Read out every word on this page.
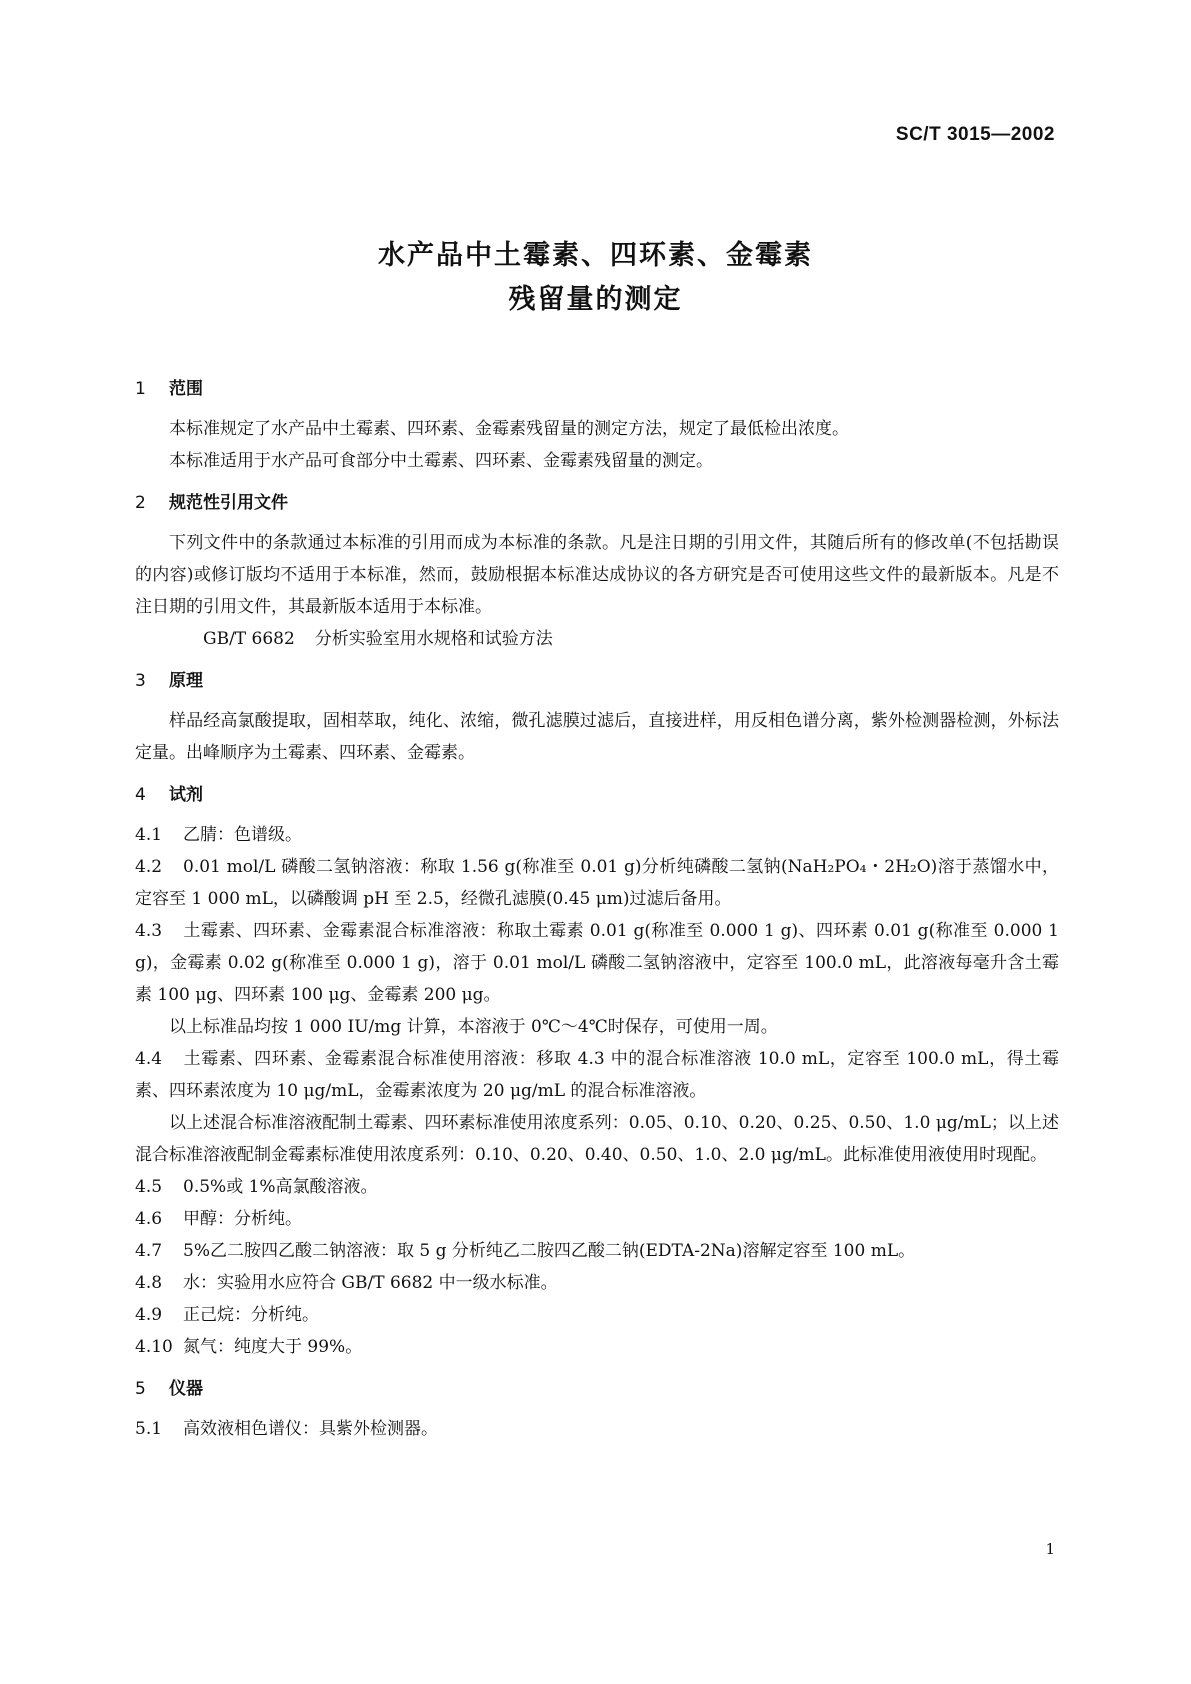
SC/T 3015—2002
水产品中土霉素、四环素、金霉素
残留量的测定
1 范围

本标准规定了水产品中土霉素、四环素、金霉素残留量的测定方法，规定了最低检出浓度。

本标准适用于水产品可食部分中土霉素、四环素、金霉素残留量的测定。

2 规范性引用文件

下列文件中的条款通过本标准的引用而成为本标准的条款。凡是注日期的引用文件，其随后所有的修改单(不包括勘误的内容)或修订版均不适用于本标准，然而，鼓励根据本标准达成协议的各方研究是否可使用这些文件的最新版本。凡是不注日期的引用文件，其最新版本适用于本标准。

GB/T 6682 分析实验室用水规格和试验方法

3 原理

样品经高氯酸提取，固相萃取，纯化、浓缩，微孔滤膜过滤后，直接进样，用反相色谱分离，紫外检测器检测，外标法定量。出峰顺序为土霉素、四环素、金霉素。

4 试剂

4.1 乙腈：色谱级。

4.2 0.01 mol/L 磷酸二氢钠溶液：称取 1.56 g(称准至 0.01 g)分析纯磷酸二氢钠(NaH₂PO₄・2H₂O)溶于蒸馏水中，定容至 1 000 mL，以磷酸调 pH 至 2.5，经微孔滤膜(0.45 μm)过滤后备用。

4.3 土霉素、四环素、金霉素混合标准溶液：称取土霉素 0.01 g(称准至 0.000 1 g)、四环素 0.01 g(称准至 0.000 1 g)，金霉素 0.02 g(称准至 0.000 1 g)，溶于 0.01 mol/L 磷酸二氢钠溶液中，定容至 100.0 mL，此溶液每毫升含土霉素 100 μg、四环素 100 μg、金霉素 200 μg。

以上标准品均按 1 000 IU/mg 计算，本溶液于 0℃～4℃时保存，可使用一周。

4.4 土霉素、四环素、金霉素混合标准使用溶液：移取 4.3 中的混合标准溶液 10.0 mL，定容至 100.0 mL，得土霉素、四环素浓度为 10 μg/mL，金霉素浓度为 20 μg/mL 的混合标准溶液。

以上述混合标准溶液配制土霉素、四环素标准使用浓度系列：0.05、0.10、0.20、0.25、0.50、1.0 μg/mL；以上述混合标准溶液配制金霉素标准使用浓度系列：0.10、0.20、0.40、0.50、1.0、2.0 μg/mL。此标准使用液使用时现配。

4.5 0.5%或 1%高氯酸溶液。

4.6 甲醇：分析纯。

4.7 5%乙二胺四乙酸二钠溶液：取 5 g 分析纯乙二胺四乙酸二钠(EDTA-2Na)溶解定容至 100 mL。

4.8 水：实验用水应符合 GB/T 6682 中一级水标准。

4.9 正己烷：分析纯。

4.10 氮气：纯度大于 99%。

5 仪器

5.1 高效液相色谱仪：具紫外检测器。

1
